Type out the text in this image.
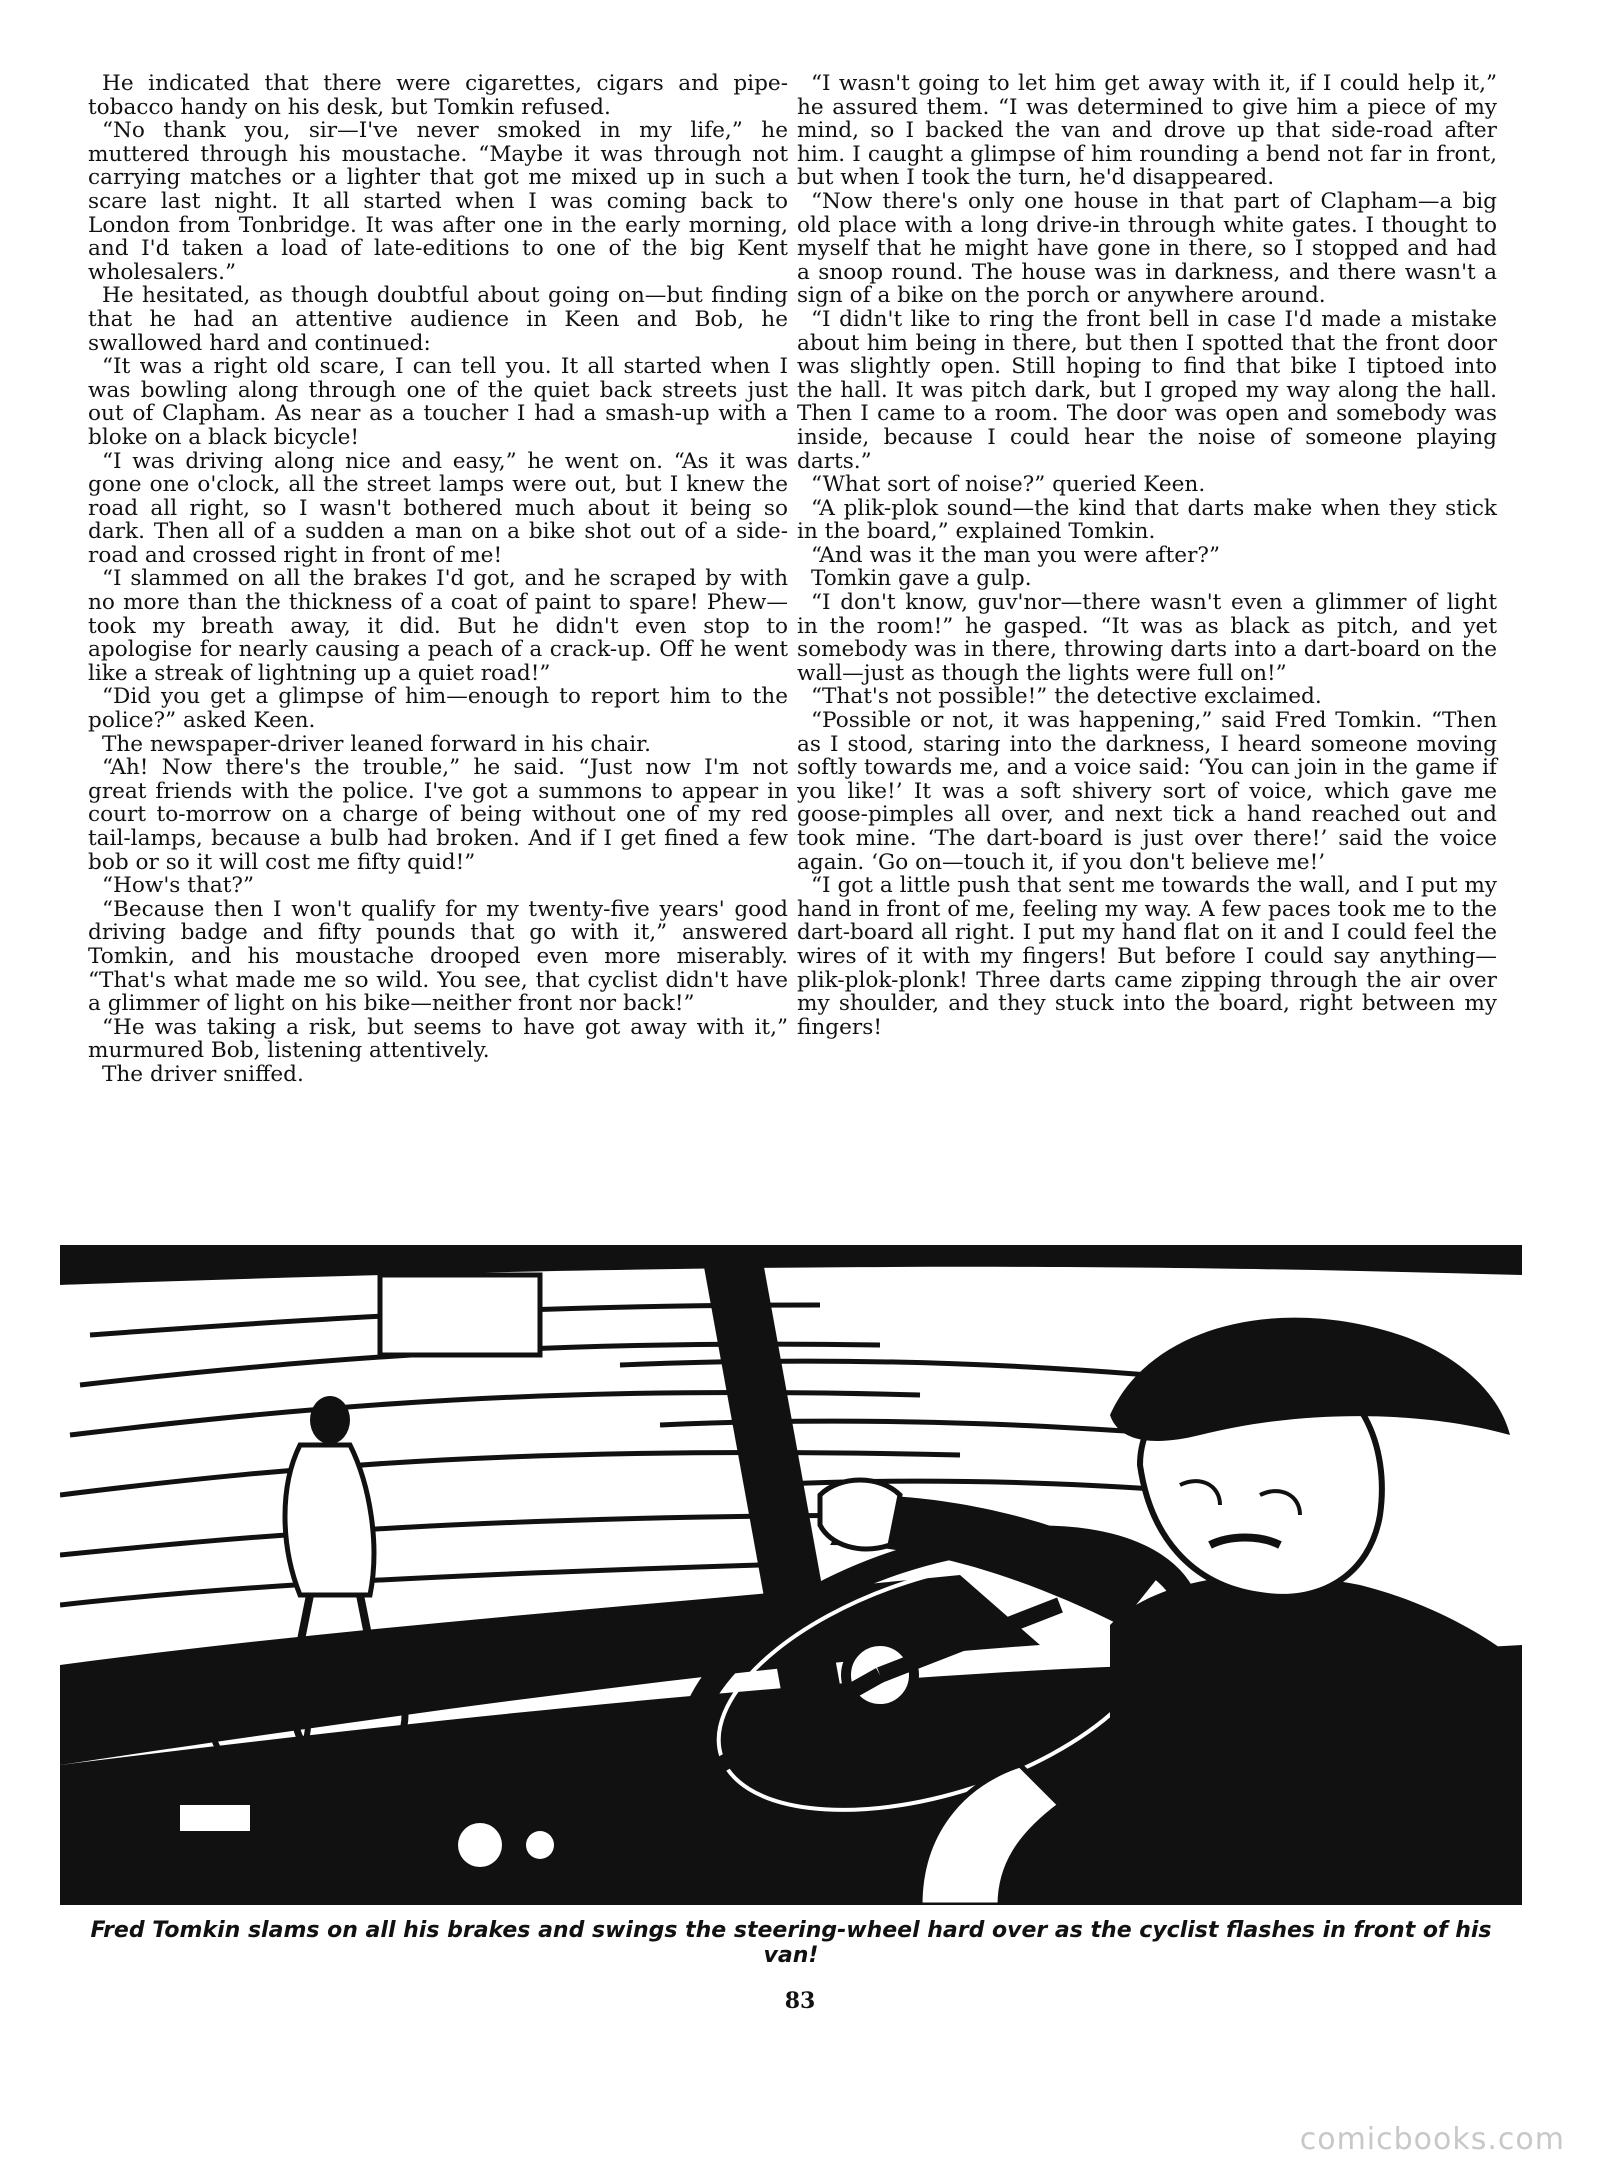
He indicated that there were cigarettes, cigars and pipe-tobacco handy on his desk, but Tomkin refused.

“No thank you, sir—I've never smoked in my life,” he muttered through his moustache. “Maybe it was through not carrying matches or a lighter that got me mixed up in such a scare last night. It all started when I was coming back to London from Tonbridge. It was after one in the early morning, and I'd taken a load of late-editions to one of the big Kent wholesalers.”

He hesitated, as though doubtful about going on—but finding that he had an attentive audience in Keen and Bob, he swallowed hard and continued:

“It was a right old scare, I can tell you. It all started when I was bowling along through one of the quiet back streets just out of Clapham. As near as a toucher I had a smash-up with a bloke on a black bicycle!

“I was driving along nice and easy,” he went on. “As it was gone one o'clock, all the street lamps were out, but I knew the road all right, so I wasn't bothered much about it being so dark. Then all of a sudden a man on a bike shot out of a side-road and crossed right in front of me!

“I slammed on all the brakes I'd got, and he scraped by with no more than the thickness of a coat of paint to spare! Phew—took my breath away, it did. But he didn't even stop to apologise for nearly causing a peach of a crack-up. Off he went like a streak of lightning up a quiet road!”

“Did you get a glimpse of him—enough to report him to the police?” asked Keen.

The newspaper-driver leaned forward in his chair.

“Ah! Now there's the trouble,” he said. “Just now I'm not great friends with the police. I've got a summons to appear in court to-morrow on a charge of being without one of my red tail-lamps, because a bulb had broken. And if I get fined a few bob or so it will cost me fifty quid!”

“How's that?”

“Because then I won't qualify for my twenty-five years' good driving badge and fifty pounds that go with it,” answered Tomkin, and his moustache drooped even more miserably. “That's what made me so wild. You see, that cyclist didn't have a glimmer of light on his bike—neither front nor back!”

“He was taking a risk, but seems to have got away with it,” murmured Bob, listening attentively.

The driver sniffed.

“I wasn't going to let him get away with it, if I could help it,” he assured them. “I was determined to give him a piece of my mind, so I backed the van and drove up that side-road after him. I caught a glimpse of him rounding a bend not far in front, but when I took the turn, he'd disappeared.

“Now there's only one house in that part of Clapham—a big old place with a long drive-in through white gates. I thought to myself that he might have gone in there, so I stopped and had a snoop round. The house was in darkness, and there wasn't a sign of a bike on the porch or anywhere around.

“I didn't like to ring the front bell in case I'd made a mistake about him being in there, but then I spotted that the front door was slightly open. Still hoping to find that bike I tiptoed into the hall. It was pitch dark, but I groped my way along the hall. Then I came to a room. The door was open and somebody was inside, because I could hear the noise of someone playing darts.”

“What sort of noise?” queried Keen.

“A plik-plok sound—the kind that darts make when they stick in the board,” explained Tomkin.

“And was it the man you were after?”

Tomkin gave a gulp.

“I don't know, guv'nor—there wasn't even a glimmer of light in the room!” he gasped. “It was as black as pitch, and yet somebody was in there, throwing darts into a dart-board on the wall—just as though the lights were full on!”

“That's not possible!” the detective exclaimed.

“Possible or not, it was happening,” said Fred Tomkin. “Then as I stood, staring into the darkness, I heard someone moving softly towards me, and a voice said: ‘You can join in the game if you like!’ It was a soft shivery sort of voice, which gave me goose-pimples all over, and next tick a hand reached out and took mine. ‘The dart-board is just over there!’ said the voice again. ‘Go on—touch it, if you don't believe me!’

“I got a little push that sent me towards the wall, and I put my hand in front of me, feeling my way. A few paces took me to the dart-board all right. I put my hand flat on it and I could feel the wires of it with my fingers! But before I could say anything—plik-plok-plonk! Three darts came zipping through the air over my shoulder, and they stuck into the board, right between my fingers!

Fred Tomkin slams on all his brakes and swings the steering-wheel hard over as the cyclist flashes in front of his van!
83
comicbooks.com
